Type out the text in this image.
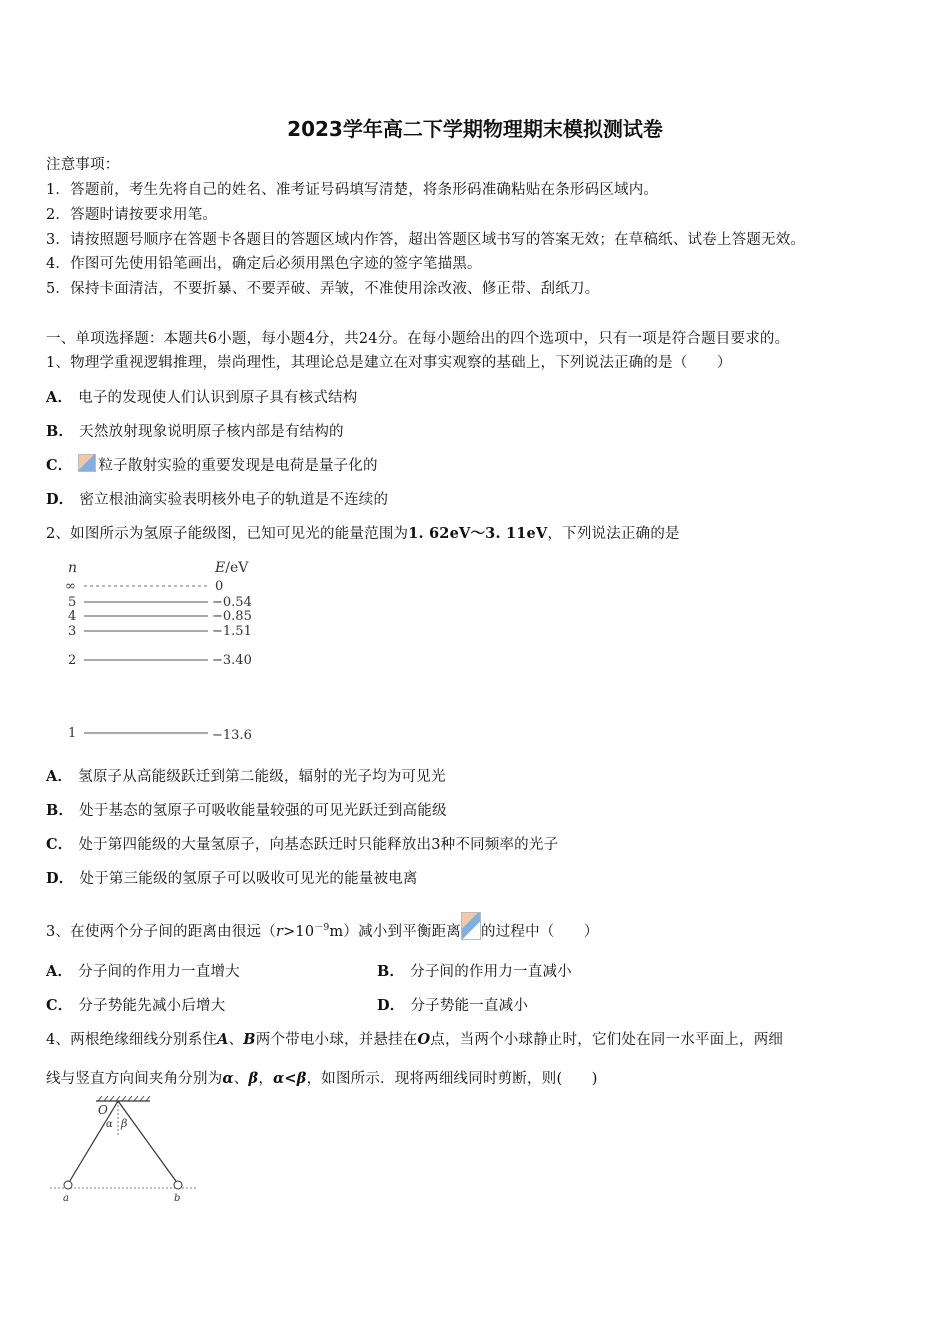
2023学年高二下学期物理期末模拟测试卷
注意事项：
1．答题前，考生先将自己的姓名、准考证号码填写清楚，将条形码准确粘贴在条形码区域内。
2．答题时请按要求用笔。
3．请按照题号顺序在答题卡各题目的答题区域内作答，超出答题区域书写的答案无效；在草稿纸、试卷上答题无效。
4．作图可先使用铅笔画出，确定后必须用黑色字迹的签字笔描黑。
5．保持卡面清洁，不要折暴、不要弄破、弄皱，不准使用涂改液、修正带、刮纸刀。
一、单项选择题：本题共6小题，每小题4分，共24分。在每小题给出的四个选项中，只有一项是符合题目要求的。
1、物理学重视逻辑推理，崇尚理性，其理论总是建立在对事实观察的基础上，下列说法正确的是（　　）
A． 电子的发现使人们认识到原子具有核式结构
B． 天然放射现象说明原子核内部是有结构的
C． 粒子散射实验的重要发现是电荷是量子化的
D． 密立根油滴实验表明核外电子的轨道是不连续的
2、如图所示为氢原子能级图，已知可见光的能量范围为1. 62eV～3. 11eV，下列说法正确的是
n	E/eV
∞	0
5	−0.54
4	−0.85
3	−1.51
2	−3.40
1	−13.6
A． 氢原子从高能级跃迁到第二能级，辐射的光子均为可见光
B． 处于基态的氢原子可吸收能量较强的可见光跃迁到高能级
C． 处于第四能级的大量氢原子，向基态跃迁时只能释放出3种不同频率的光子
D． 处于第三能级的氢原子可以吸收可见光的能量被电离
3、在使两个分子间的距离由很远$(r>10^{-9}m)$减小到平衡距离 的过程中（　　）
A． 分子间的作用力一直增大	B． 分子间的作用力一直减小
C． 分子势能先减小后增大	D． 分子势能一直减小
4、两根绝缘细线分别系住A、B两个带电小球，并悬挂在O点，当两个小球静止时，它们处在同一水平面上，两细
线与竖直方向间夹角分别为α、β，α<β，如图所示．现将两细线同时剪断，则(　　)
O
α β
a	b
